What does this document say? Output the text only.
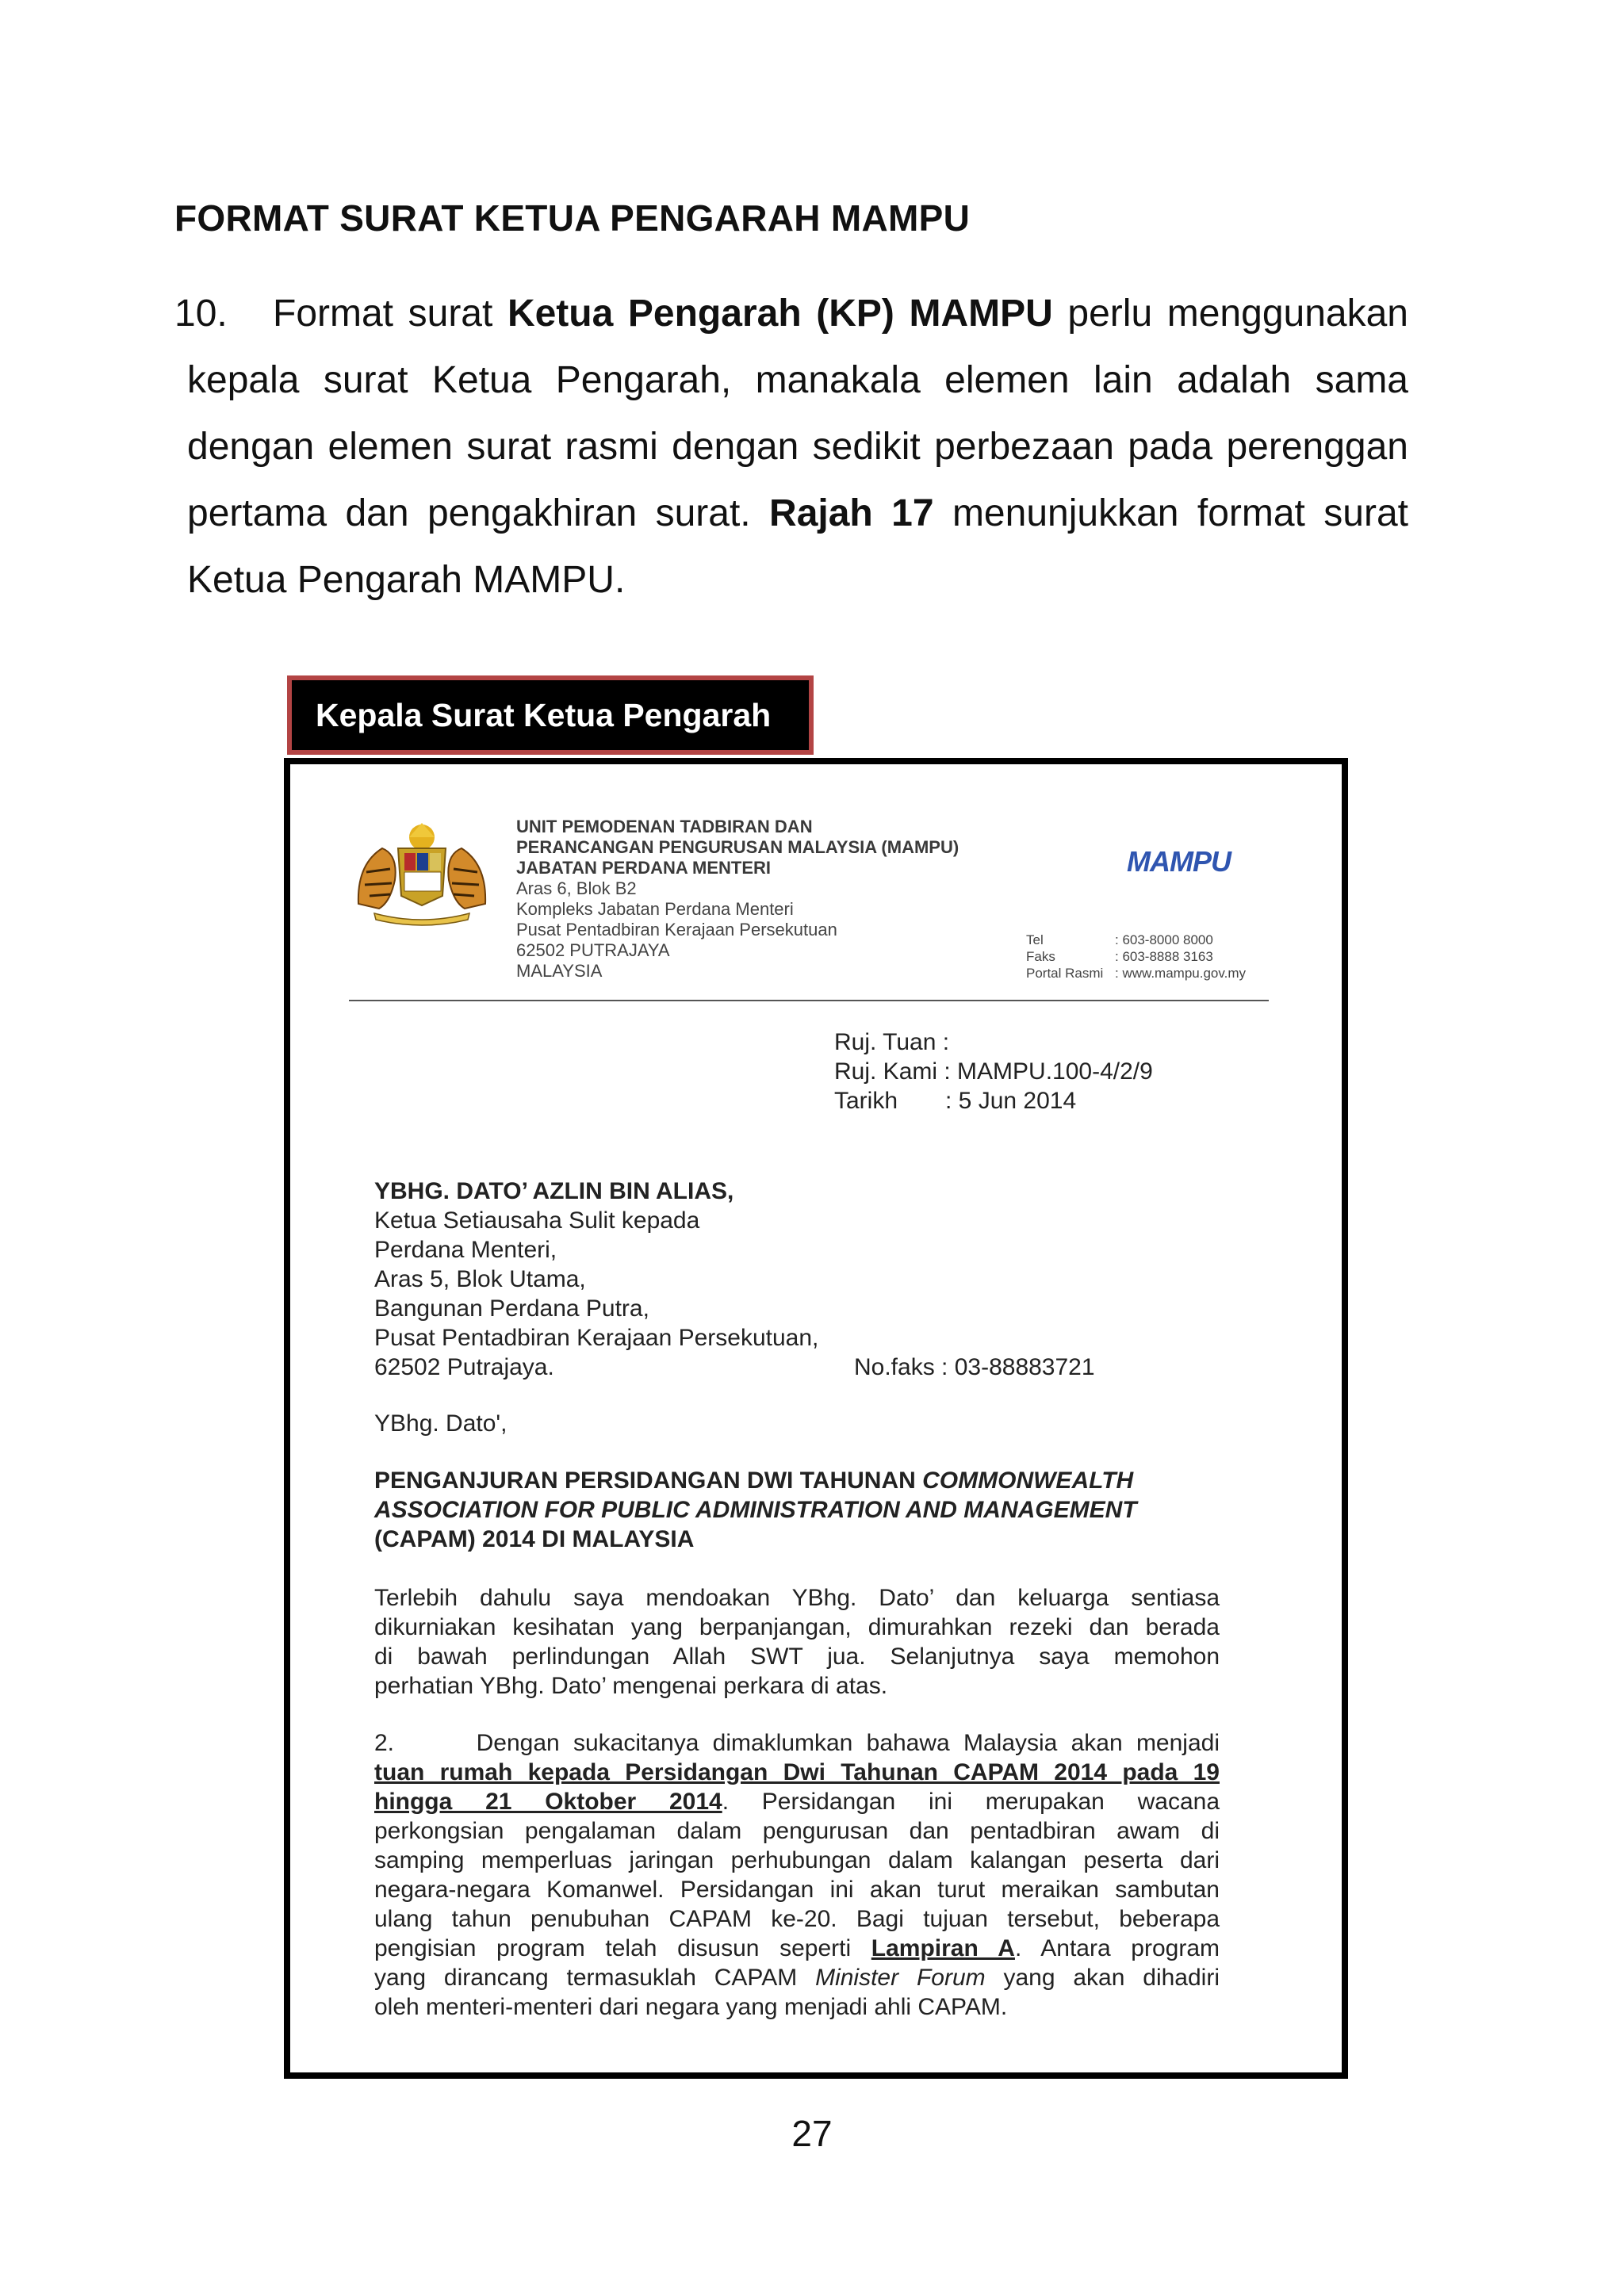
FORMAT SURAT KETUA PENGARAH MAMPU
10. Format surat Ketua Pengarah (KP) MAMPU perlu menggunakan
kepala surat Ketua Pengarah, manakala elemen lain adalah sama
dengan elemen surat rasmi dengan sedikit perbezaan pada perenggan
pertama dan pengakhiran surat. Rajah 17 menunjukkan format surat
Ketua Pengarah MAMPU.
Kepala Surat Ketua Pengarah
UNIT PEMODENAN TADBIRAN DAN
PERANCANGAN PENGURUSAN MALAYSIA (MAMPU)
JABATAN PERDANA MENTERI
Aras 6, Blok B2
Kompleks Jabatan Perdana Menteri
Pusat Pentadbiran Kerajaan Persekutuan
62502 PUTRAJAYA
MALAYSIA
MAMPU
Tel	: 603-8000 8000
Faks	: 603-8888 3163
Portal Rasmi : www.mampu.gov.my
Ruj. Tuan :
Ruj. Kami : MAMPU.100-4/2/9
Tarikh : 5 Jun 2014
YBHG. DATO’ AZLIN BIN ALIAS,
Ketua Setiausaha Sulit kepada
Perdana Menteri,
Aras 5, Blok Utama,
Bangunan Perdana Putra,
Pusat Pentadbiran Kerajaan Persekutuan,
62502 Putrajaya.	No.faks : 03-88883721
YBhg. Dato',
PENGANJURAN PERSIDANGAN DWI TAHUNAN COMMONWEALTH
ASSOCIATION FOR PUBLIC ADMINISTRATION AND MANAGEMENT
(CAPAM) 2014 DI MALAYSIA
Terlebih dahulu saya mendoakan YBhg. Dato’ dan keluarga sentiasa
dikurniakan kesihatan yang berpanjangan, dimurahkan rezeki dan berada
di bawah perlindungan Allah SWT jua. Selanjutnya saya memohon
perhatian YBhg. Dato’ mengenai perkara di atas.
2.      Dengan sukacitanya dimaklumkan bahawa Malaysia akan menjadi
tuan rumah kepada Persidangan Dwi Tahunan CAPAM 2014 pada 19
hingga 21 Oktober 2014. Persidangan ini merupakan wacana
perkongsian pengalaman dalam pengurusan dan pentadbiran awam di
samping memperluas jaringan perhubungan dalam kalangan peserta dari
negara-negara Komanwel. Persidangan ini akan turut meraikan sambutan
ulang tahun penubuhan CAPAM ke-20. Bagi tujuan tersebut, beberapa
pengisian program telah disusun seperti Lampiran A. Antara program
yang dirancang termasuklah CAPAM Minister Forum yang akan dihadiri
oleh menteri-menteri dari negara yang menjadi ahli CAPAM.
27
